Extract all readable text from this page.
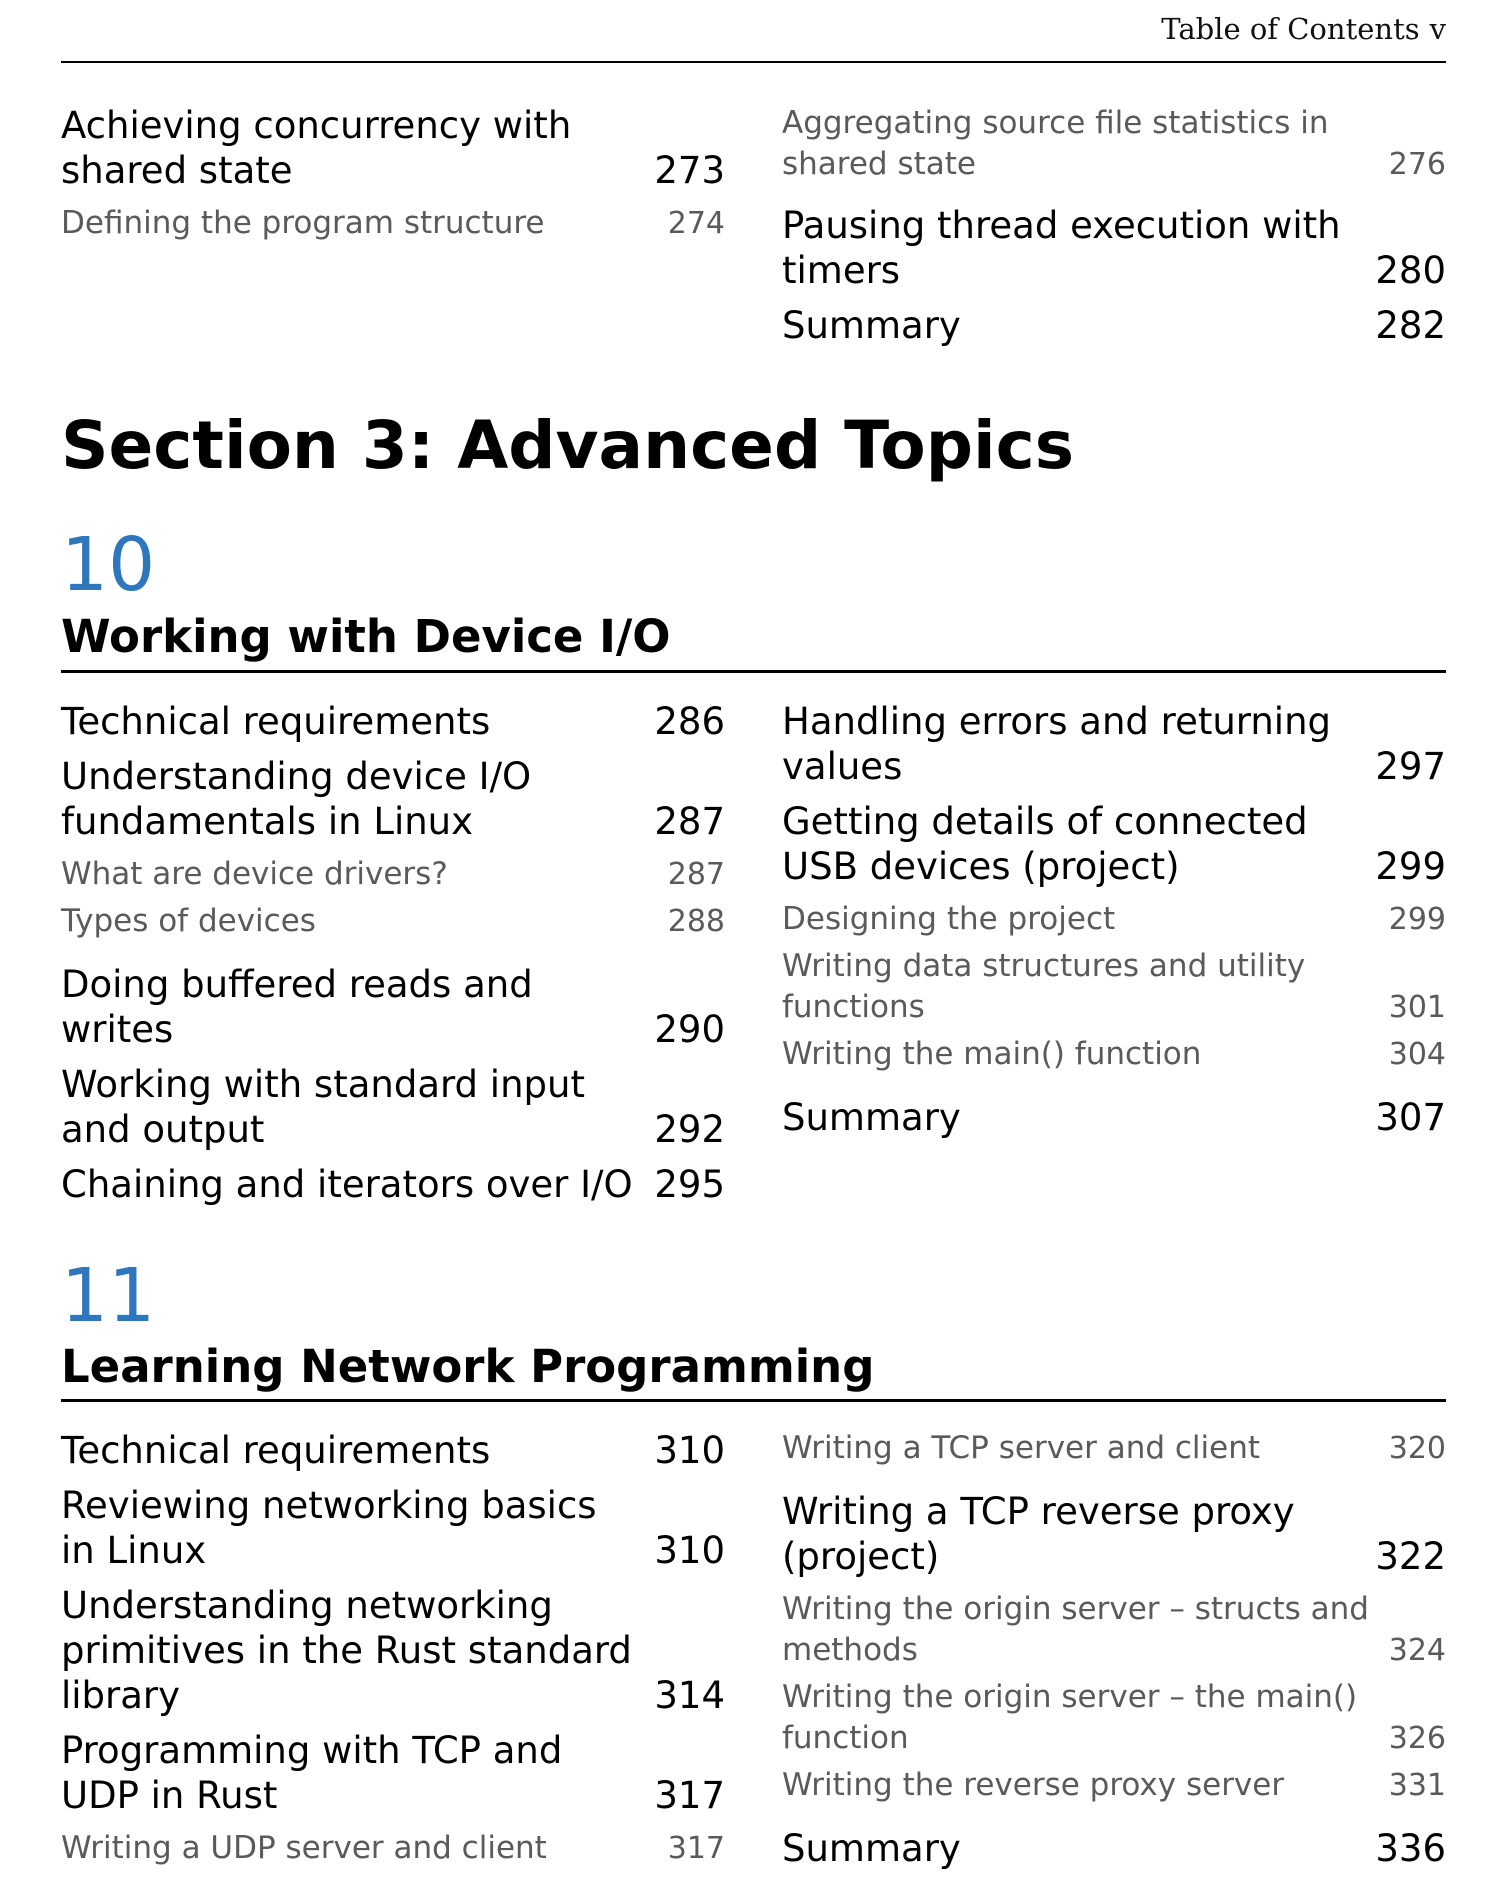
Table of Contents v
Achieving concurrency with shared state	273
Defining the program structure	274
Aggregating source file statistics in shared state	276
Pausing thread execution with timers	280
Summary	282
Section 3: Advanced Topics
10
Working with Device I/O
Technical requirements	286
Understanding device I/O fundamentals in Linux	287
What are device drivers?	287
Types of devices	288
Doing buffered reads and writes	290
Working with standard input and output	292
Chaining and iterators over I/O 295
Handling errors and returning values	297
Getting details of connected USB devices (project)	299
Designing the project	299
Writing data structures and utility functions	301
Writing the main() function	304
Summary	307
11
Learning Network Programming
Technical requirements	310
Reviewing networking basics in Linux	310
Understanding networking primitives in the Rust standard library	314
Programming with TCP and UDP in Rust	317
Writing a UDP server and client	317
Writing a TCP server and client	320
Writing a TCP reverse proxy (project)	322
Writing the origin server – structs and methods	324
Writing the origin server – the main() function	326
Writing the reverse proxy server	331
Summary	336
